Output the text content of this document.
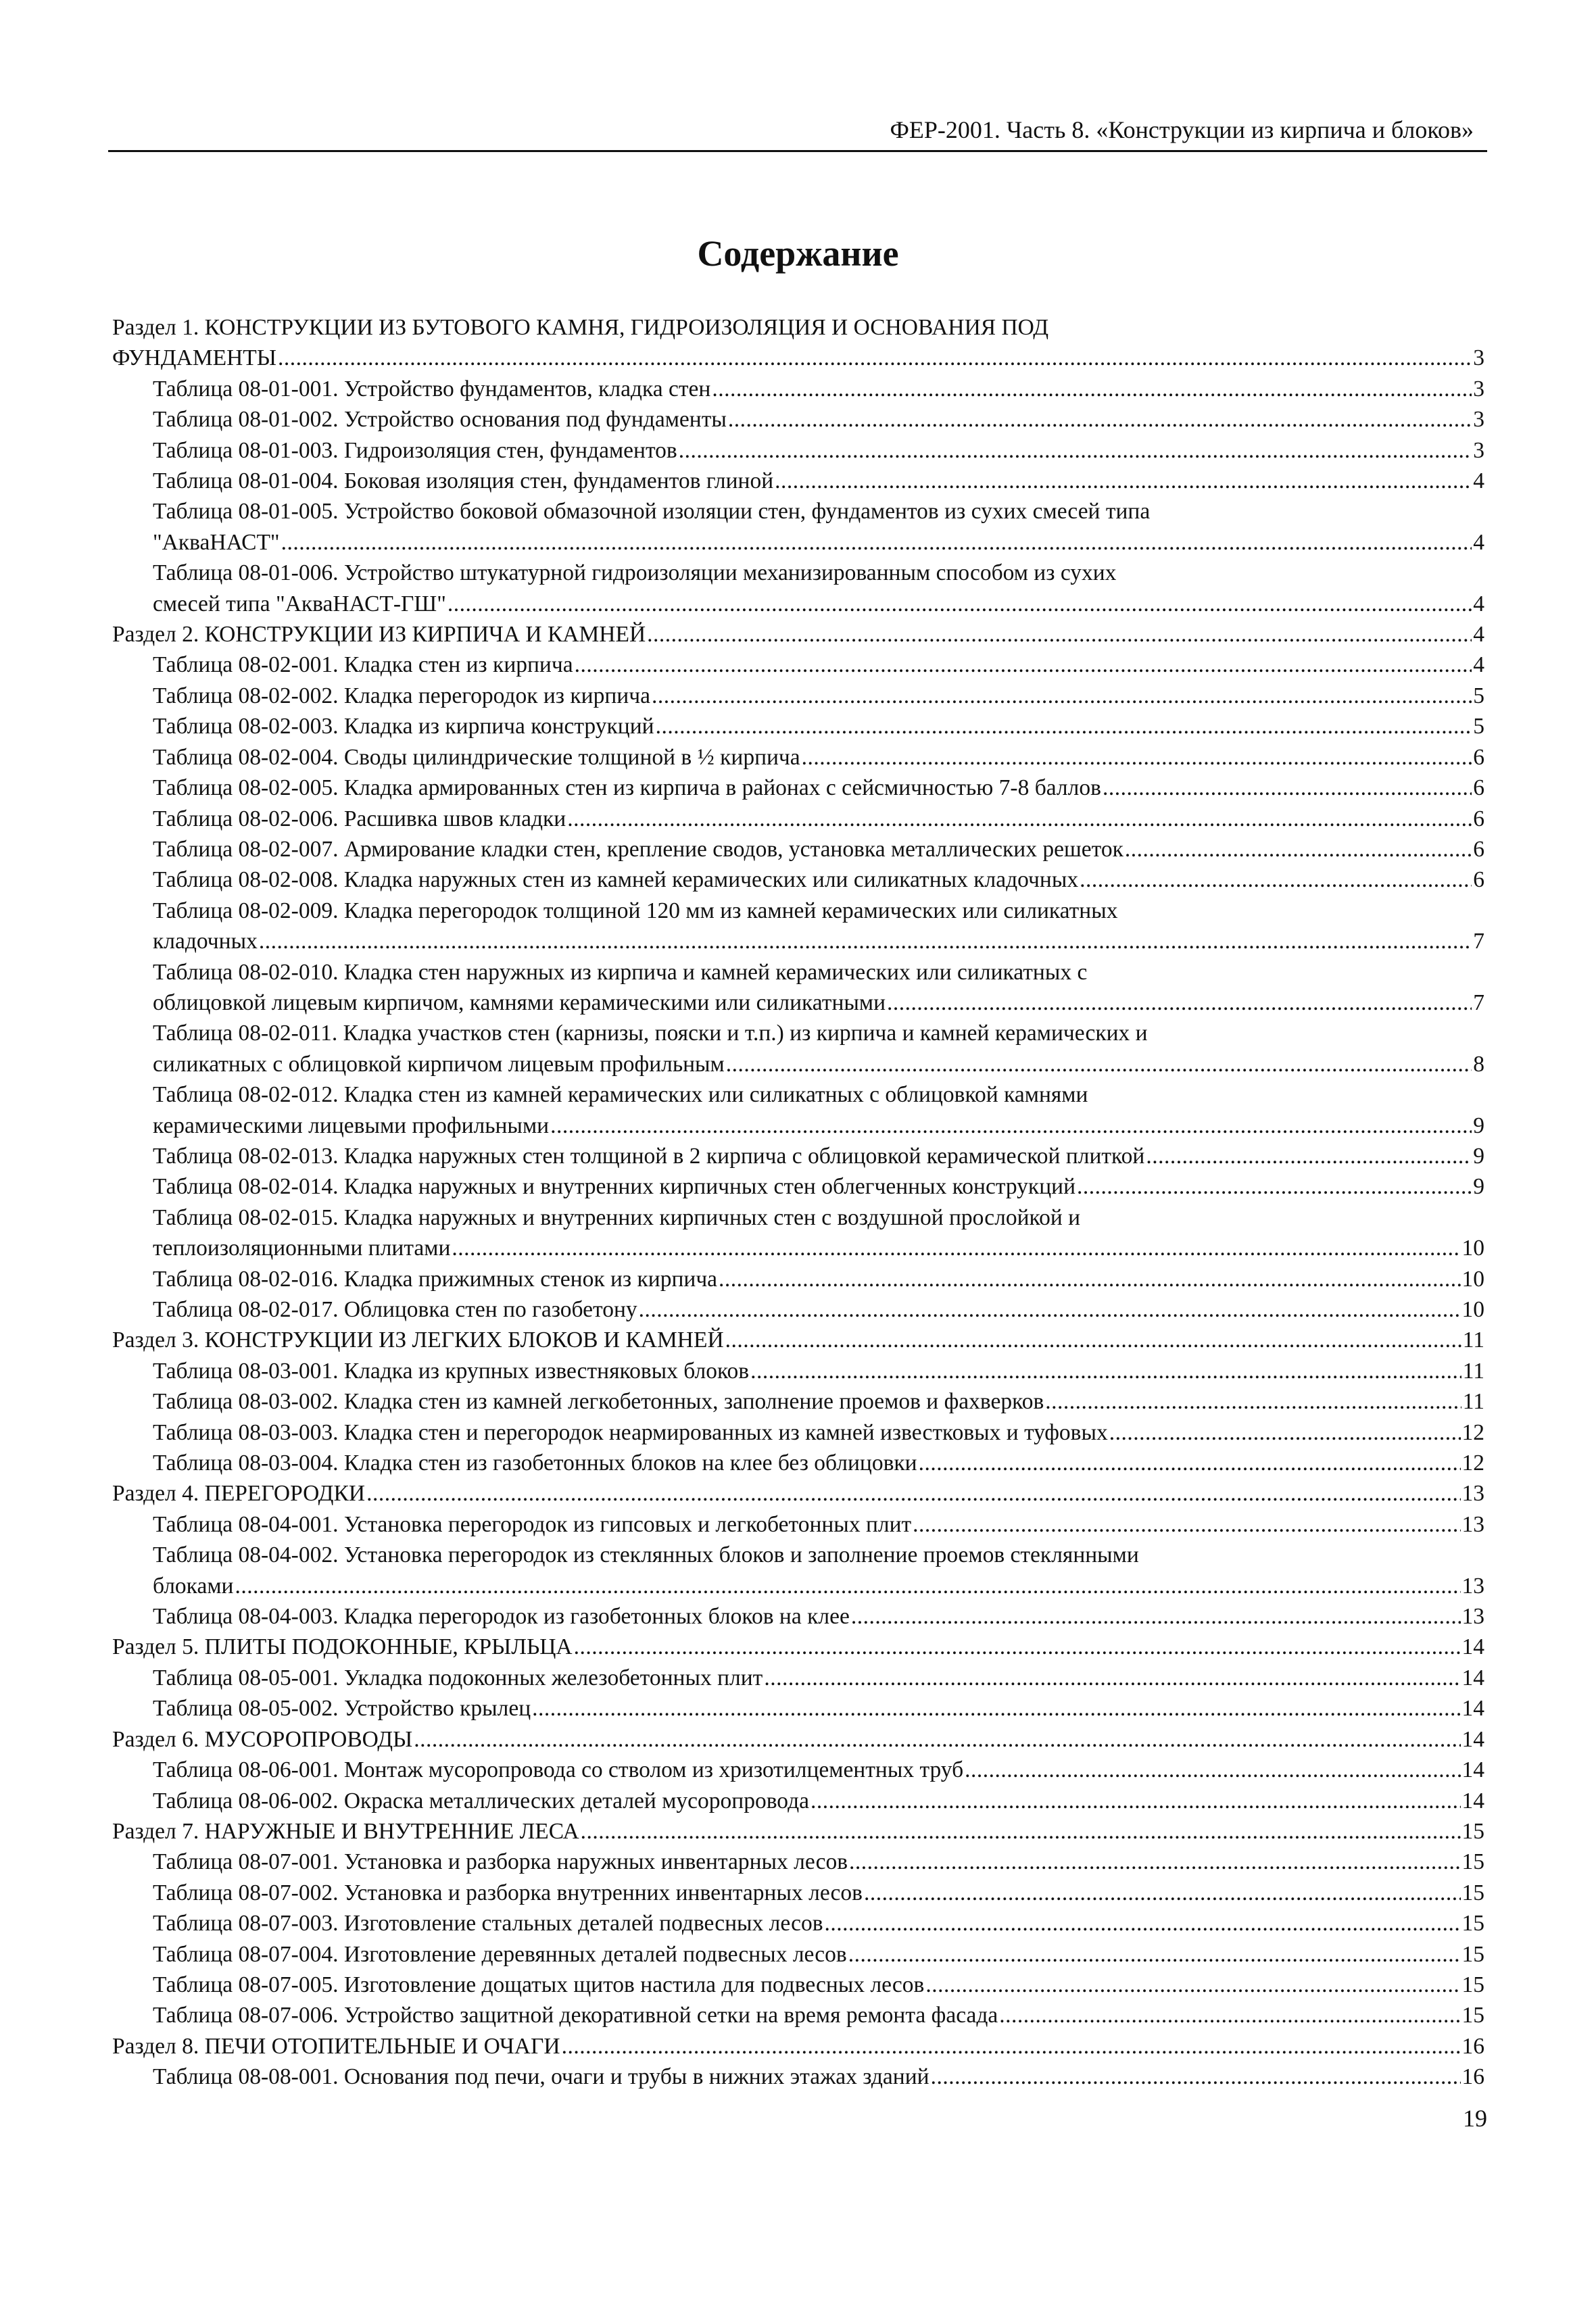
ФЕР-2001. Часть 8. «Конструкции из кирпича и блоков»
Содержание
Раздел 1. КОНСТРУКЦИИ ИЗ БУТОВОГО КАМНЯ, ГИДРОИЗОЛЯЦИЯ И ОСНОВАНИЯ ПОД
ФУНДАМЕНТЫ .....	3
Таблица 08-01-001. Устройство фундаментов, кладка стен .....	3
Таблица 08-01-002. Устройство основания под фундаменты .....	3
Таблица 08-01-003. Гидроизоляция стен, фундаментов .....	3
Таблица 08-01-004. Боковая изоляция стен, фундаментов глиной .....	4
Таблица 08-01-005. Устройство боковой обмазочной изоляции стен, фундаментов из сухих смесей типа
"АкваНАСТ" .....	4
Таблица 08-01-006. Устройство штукатурной гидроизоляции механизированным способом из сухих
смесей типа "АкваНАСТ-ГШ" .....	4
Раздел 2. КОНСТРУКЦИИ ИЗ КИРПИЧА И КАМНЕЙ .....	4
Таблица 08-02-001. Кладка стен из кирпича .....	4
Таблица 08-02-002. Кладка перегородок из кирпича .....	5
Таблица 08-02-003. Кладка из кирпича конструкций .....	5
Таблица 08-02-004. Своды цилиндрические толщиной в ½ кирпича .....	6
Таблица 08-02-005. Кладка армированных стен из кирпича в районах с сейсмичностью 7-8 баллов .....	6
Таблица 08-02-006. Расшивка швов кладки .....	6
Таблица 08-02-007. Армирование кладки стен, крепление сводов, установка металлических решеток .....	6
Таблица 08-02-008. Кладка наружных стен из камней керамических или силикатных кладочных .....	6
Таблица 08-02-009. Кладка перегородок толщиной 120 мм из камней керамических или силикатных
кладочных .....	7
Таблица 08-02-010. Кладка стен наружных из кирпича и камней керамических или силикатных с
облицовкой лицевым кирпичом, камнями керамическими или силикатными .....	7
Таблица 08-02-011. Кладка участков стен (карнизы, пояски и т.п.) из кирпича и камней керамических и
силикатных с облицовкой кирпичом лицевым профильным .....	8
Таблица 08-02-012. Кладка стен из камней керамических или силикатных с облицовкой камнями
керамическими лицевыми профильными .....	9
Таблица 08-02-013. Кладка наружных стен толщиной в 2 кирпича с облицовкой керамической плиткой .....	9
Таблица 08-02-014. Кладка наружных и внутренних кирпичных стен облегченных конструкций .....	9
Таблица 08-02-015. Кладка наружных и внутренних кирпичных стен с воздушной прослойкой и
теплоизоляционными плитами .....	10
Таблица 08-02-016. Кладка прижимных стенок из кирпича .....	10
Таблица 08-02-017. Облицовка стен по газобетону .....	10
Раздел 3. КОНСТРУКЦИИ ИЗ ЛЕГКИХ БЛОКОВ И КАМНЕЙ .....	11
Таблица 08-03-001. Кладка из крупных известняковых блоков .....	11
Таблица 08-03-002. Кладка стен из камней легкобетонных, заполнение проемов и фахверков .....	11
Таблица 08-03-003. Кладка стен и перегородок неармированных из камней известковых и туфовых .....	12
Таблица 08-03-004. Кладка стен из газобетонных блоков на клее без облицовки .....	12
Раздел 4. ПЕРЕГОРОДКИ .....	13
Таблица 08-04-001. Установка перегородок из гипсовых и легкобетонных плит .....	13
Таблица 08-04-002. Установка перегородок из стеклянных блоков и заполнение проемов стеклянными
блоками .....	13
Таблица 08-04-003. Кладка перегородок из газобетонных блоков на клее .....	13
Раздел 5. ПЛИТЫ ПОДОКОННЫЕ, КРЫЛЬЦА .....	14
Таблица 08-05-001. Укладка подоконных железобетонных плит .....	14
Таблица 08-05-002. Устройство крылец .....	14
Раздел 6. МУСОРОПРОВОДЫ .....	14
Таблица 08-06-001. Монтаж мусоропровода со стволом из хризотилцементных труб .....	14
Таблица 08-06-002. Окраска металлических деталей мусоропровода .....	14
Раздел 7. НАРУЖНЫЕ И ВНУТРЕННИЕ ЛЕСА .....	15
Таблица 08-07-001. Установка и разборка наружных инвентарных лесов .....	15
Таблица 08-07-002. Установка и разборка внутренних инвентарных лесов .....	15
Таблица 08-07-003. Изготовление стальных деталей подвесных лесов .....	15
Таблица 08-07-004. Изготовление деревянных деталей подвесных лесов .....	15
Таблица 08-07-005. Изготовление дощатых щитов настила для подвесных лесов .....	15
Таблица 08-07-006. Устройство защитной декоративной сетки на время ремонта фасада .....	15
Раздел 8. ПЕЧИ ОТОПИТЕЛЬНЫЕ И ОЧАГИ .....	16
Таблица 08-08-001. Основания под печи, очаги и трубы в нижних этажах зданий .....	16
19
